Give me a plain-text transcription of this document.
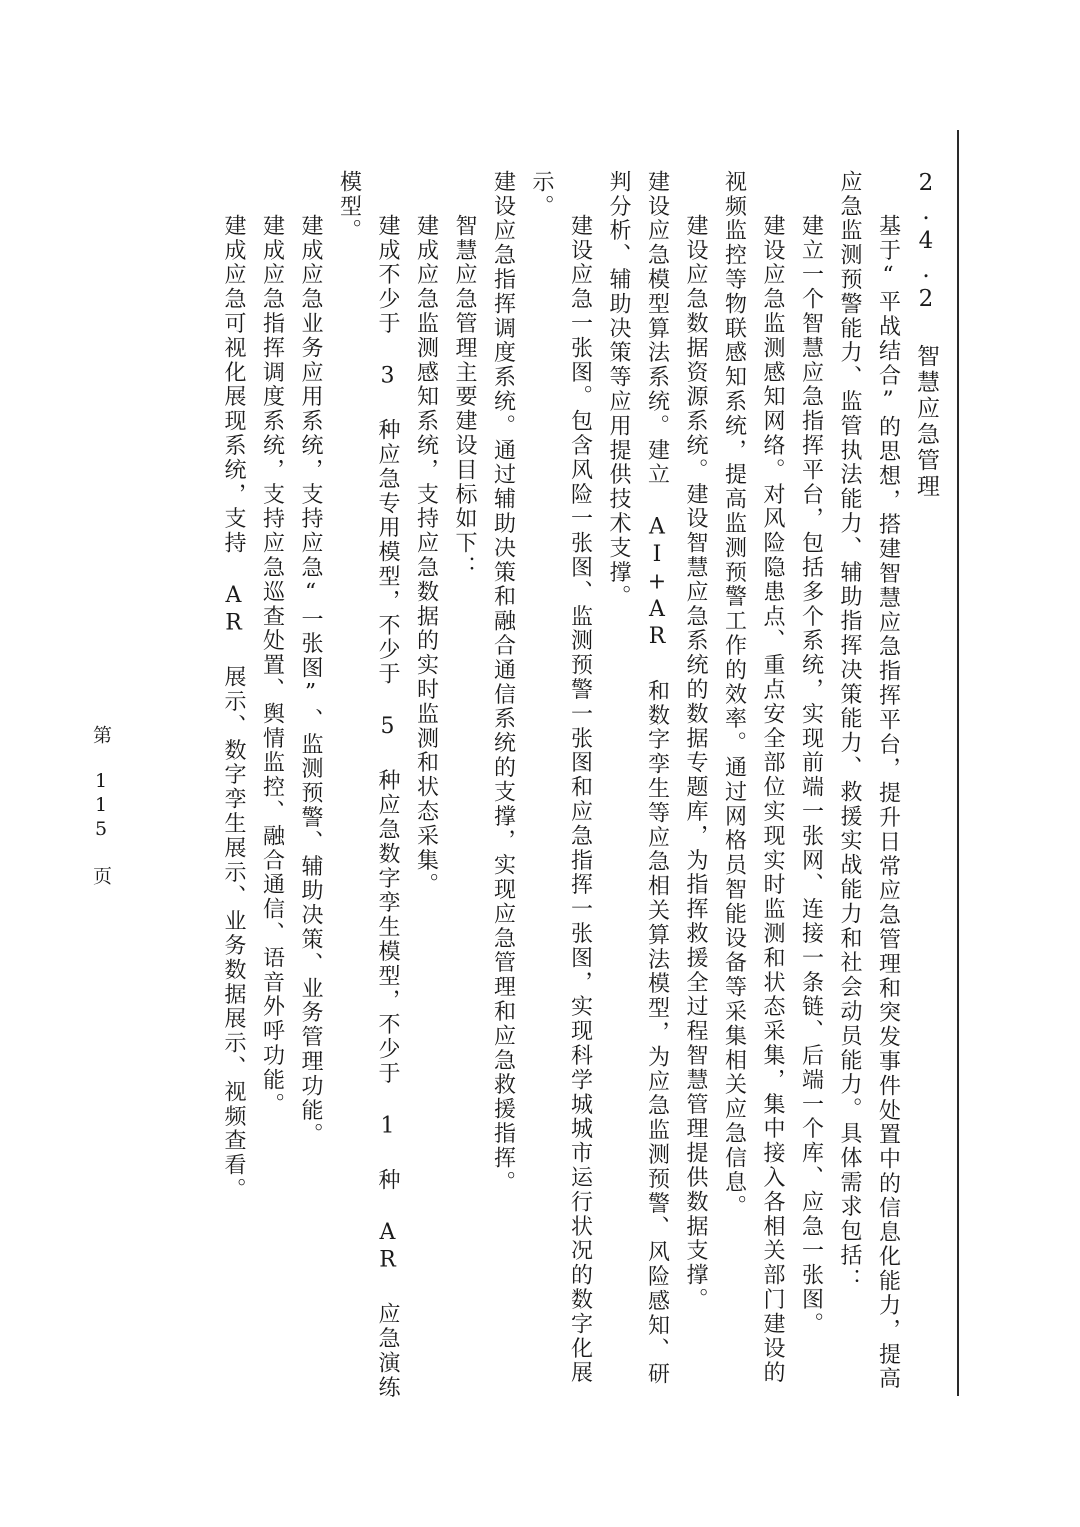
2.4.2 智慧应急管理

基于“平战结合”的思想，搭建智慧应急指挥平台，提升日常应急管理和突发事件处置中的信息化能力，提高应急监测预警能力、监管执法能力、辅助指挥决策能力、救援实战能力和社会动员能力。具体需求包括：

建立一个智慧应急指挥平台，包括多个系统，实现前端一张网、连接一条链、后端一个库、应急一张图。

建设应急监测感知网络。对风险隐患点、重点安全部位实现实时监测和状态采集，集中接入各相关部门建设的视频监控等物联感知系统，提高监测预警工作的效率。通过网格员智能设备等采集相关应急信息。

建设应急数据资源系统。建设智慧应急系统的数据专题库，为指挥救援全过程智慧管理提供数据支撑。

建设应急模型算法系统。建立 AI+AR 和数字孪生等应急相关算法模型，为应急监测预警、风险感知、研判分析、辅助决策等应用提供技术支撑。

建设应急一张图。包含风险一张图、监测预警一张图和应急指挥一张图，实现科学城城市运行状况的数字化展示。

建设应急指挥调度系统。通过辅助决策和融合通信系统的支撑，实现应急管理和应急救援指挥。

智慧应急管理主要建设目标如下：

建成应急监测感知系统，支持应急数据的实时监测和状态采集。

建成不少于 3 种应急专用模型，不少于 5 种应急数字孪生模型，不少于 1 种 AR 应急演练模型。

建成应急业务应用系统，支持应急“一张图”、监测预警、辅助决策、业务管理功能。

建成应急指挥调度系统，支持应急巡查处置、舆情监控、融合通信、语音外呼功能。

建成应急可视化展现系统，支持 AR 展示、数字孪生展示、业务数据展示、视频查看。

第 115 页
